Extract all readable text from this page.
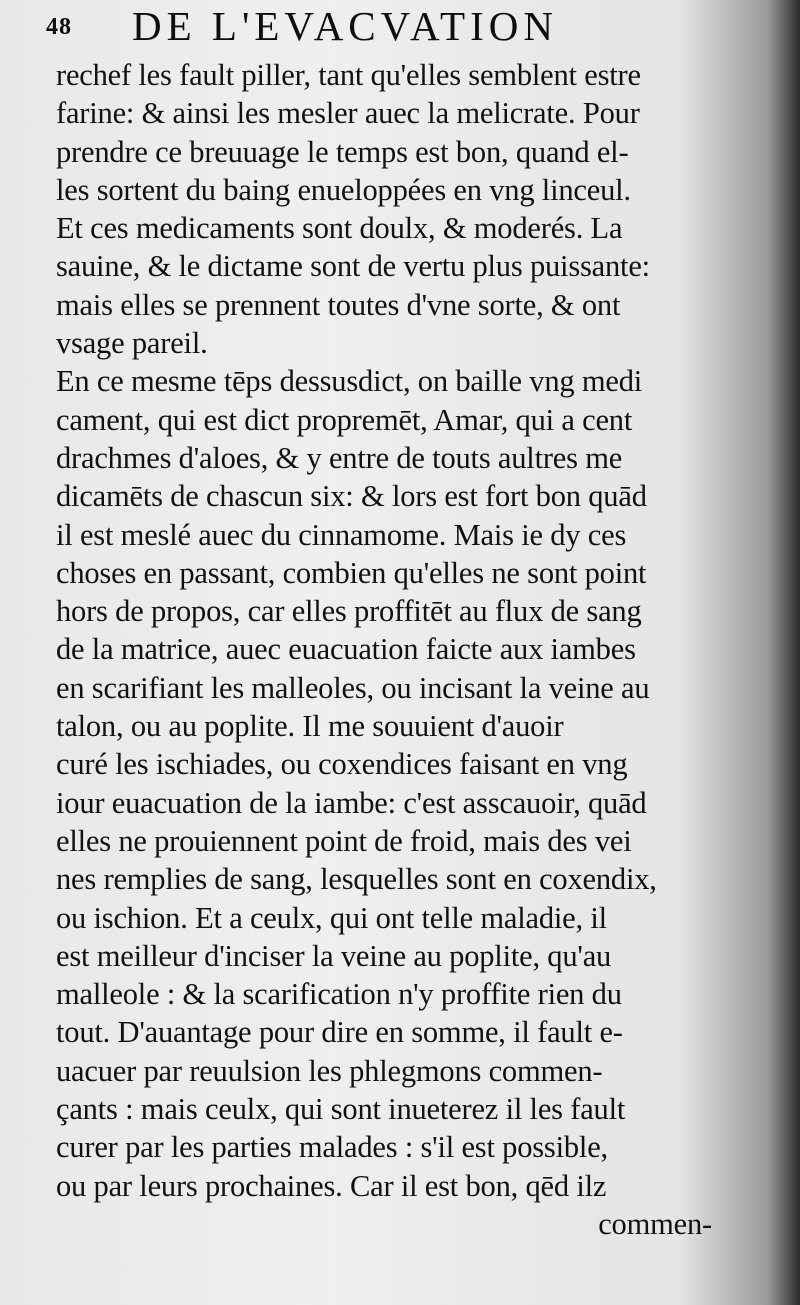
48 DE L'EVACVATION
rechef les fault piller, tant qu'elles semblent estre
farine: & ainsi les mesler auec la melicrate. Pour
prendre ce breuuage le temps est bon, quand el-
les sortent du baing enueloppées en vng linceul.
Et ces medicaments sont doulx, & moderés. La
sauine, & le dictame sont de vertu plus puissante:
mais elles se prennent toutes d'vne sorte, & ont
vsage pareil.
En ce mesme tēps dessusdict, on baille vng medi
cament, qui est dict propremēt, Amar, qui a cent
drachmes d'aloes, & y entre de touts aultres me
dicamēts de chascun six: & lors est fort bon quād
il est meslé auec du cinnamome. Mais ie dy ces
choses en passant, combien qu'elles ne sont point
hors de propos, car elles proffitēt au flux de sang
de la matrice, auec euacuation faicte aux iambes
en scarifiant les malleoles, ou incisant la veine au
talon, ou au poplite. Il me souuient d'auoir
curé les ischiades, ou coxendices faisant en vng
iour euacuation de la iambe: c'est asscauoir, quād
elles ne prouiennent point de froid, mais des vei
nes remplies de sang, lesquelles sont en coxendix,
ou ischion. Et a ceulx, qui ont telle maladie, il
est meilleur d'inciser la veine au poplite, qu'au
malleole : & la scarification n'y proffite rien du
tout. D'auantage pour dire en somme, il fault e-
uacuer par reuulsion les phlegmons commen-
çants : mais ceulx, qui sont inueterez il les fault
curer par les parties malades : s'il est possible,
ou par leurs prochaines. Car il est bon, qēd ilz
commen-
